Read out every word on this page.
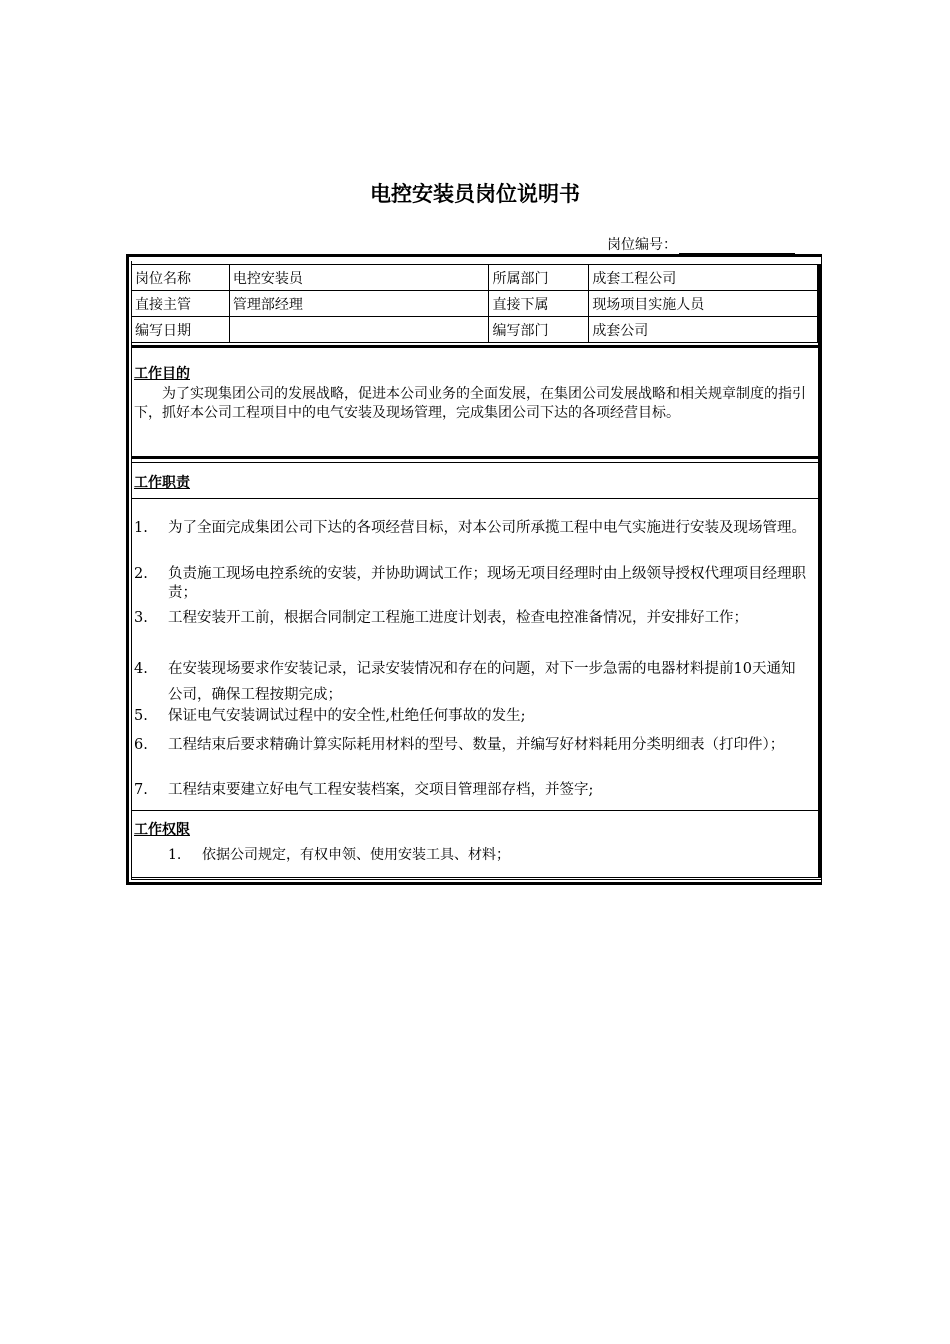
电控安装员岗位说明书
岗位编号：
岗位名称	电控安装员	所属部门	成套工程公司
直接主管	管理部经理	直接下属	现场项目实施人员
编写日期		编写部门	成套公司
工作目的
为了实现集团公司的发展战略，促进本公司业务的全面发展，在集团公司发展战略和相关规章制度的指引下，抓好本公司工程项目中的电气安装及现场管理，完成集团公司下达的各项经营目标。
工作职责
1. 为了全面完成集团公司下达的各项经营目标，对本公司所承揽工程中电气实施进行安装及现场管理。
2. 负责施工现场电控系统的安装，并协助调试工作；现场无项目经理时由上级领导授权代理项目经理职责；
3. 工程安装开工前，根据合同制定工程施工进度计划表，检查电控准备情况，并安排好工作；
4. 在安装现场要求作安装记录，记录安装情况和存在的问题，对下一步急需的电器材料提前10天通知公司，确保工程按期完成；
5. 保证电气安装调试过程中的安全性,杜绝任何事故的发生;
6. 工程结束后要求精确计算实际耗用材料的型号、数量，并编写好材料耗用分类明细表（打印件）；
7. 工程结束要建立好电气工程安装档案，交项目管理部存档，并签字;
工作权限
1. 依据公司规定，有权申领、使用安装工具、材料；
